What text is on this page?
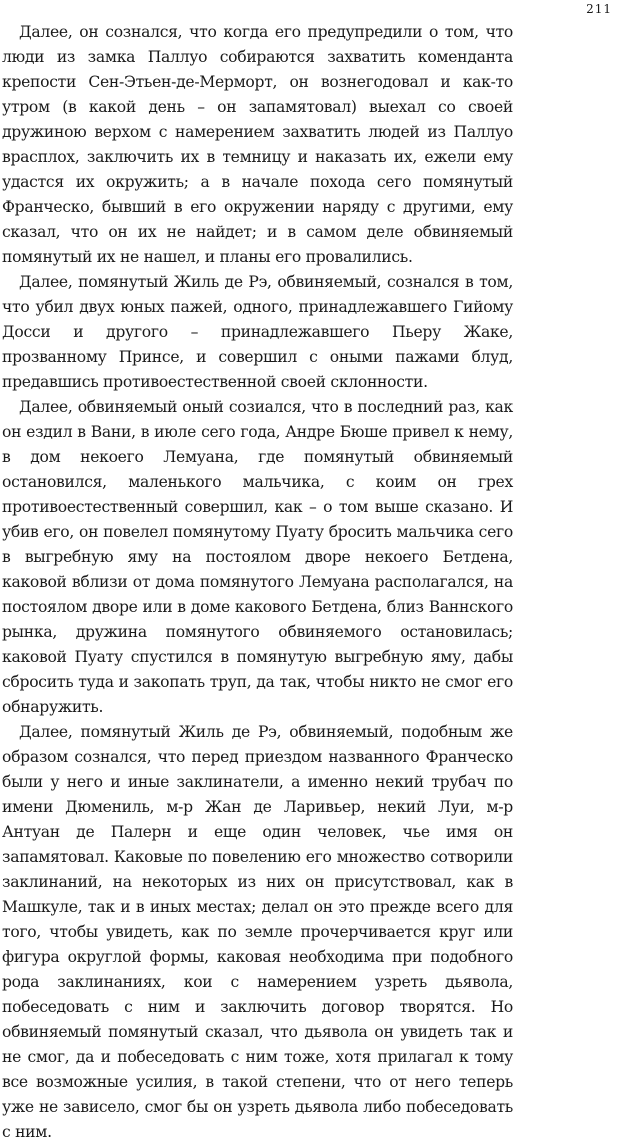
211

Далее, он сознался, что когда его предупредили о том, что люди из замка Паллуо собираются захватить коменданта крепости Сен-Этьен-де-Мерморт, он вознегодовал и как-то утром (в какой день – он запамятовал) выехал со своей дружиною верхом с намерением захватить людей из Паллуо врасплох, заключить их в темницу и наказать их, ежели ему удастся их окружить; а в начале похода сего помянутый Франческо, бывший в его окружении наряду с другими, ему сказал, что он их не найдет; и в самом деле обвиняемый помянутый их не нашел, и планы его провалились.

Далее, помянутый Жиль де Рэ, обвиняемый, сознался в том, что убил двух юных пажей, одного, принадлежавшего Гийому Досси и другого – принадлежавшего Пьеру Жаке, прозванному Принсе, и совершил с оными пажами блуд, предавшись противоестественной своей склонности.

Далее, обвиняемый оный созиался, что в последний раз, как он ездил в Вани, в июле сего года, Андре Бюше привел к нему, в дом некоего Лемуана, где помянутый обвиняемый остановился, маленького мальчика, с коим он грех противоестественный совершил, как – о том выше сказано. И убив его, он повелел помянутому Пуату бросить мальчика сего в выгребную яму на постоялом дворе некоего Бетдена, каковой вблизи от дома помянутого Лемуана располагался, на постоялом дворе или в доме каковогo Бетдена, близ Ваннского рынка, дружина помянутого обвиняемого остановилась; каковой Пуату спустился в помянутую выгребную яму, дабы сбросить туда и закопать труп, да так, чтобы никто не смог его обнаружить.

Далее, помянутый Жиль де Рэ, обвиняемый, подобным же образом сознался, что перед приездом названного Франческо были у него и иные заклинатели, а именно некий трубач по имени Дюмениль, м-р Жан де Ларивьер, некий Луи, м-р Антуан де Палерн и еще один человек, чье имя он запамятовал. Каковые по повелению его множество сотворили заклинаний, на некоторых из них он присутствовал, как в Машкуле, так и в иных местах; делал он это прежде всего для того, чтобы увидеть, как по земле прочерчивается круг или фигура округлой формы, каковая необходима при подобного рода заклинаниях, кои с намерением узреть дьявола, побеседовать с ним и заключить договор творятся. Но обвиняемый помянутый сказал, что дьявола он увидеть так и не смог, да и побеседовать с ним тоже, хотя прилагал к тому все возможные усилия, в такой степени, что от него теперь уже не зависело, смог бы он узреть дьявола либо побеседовать с ним.
